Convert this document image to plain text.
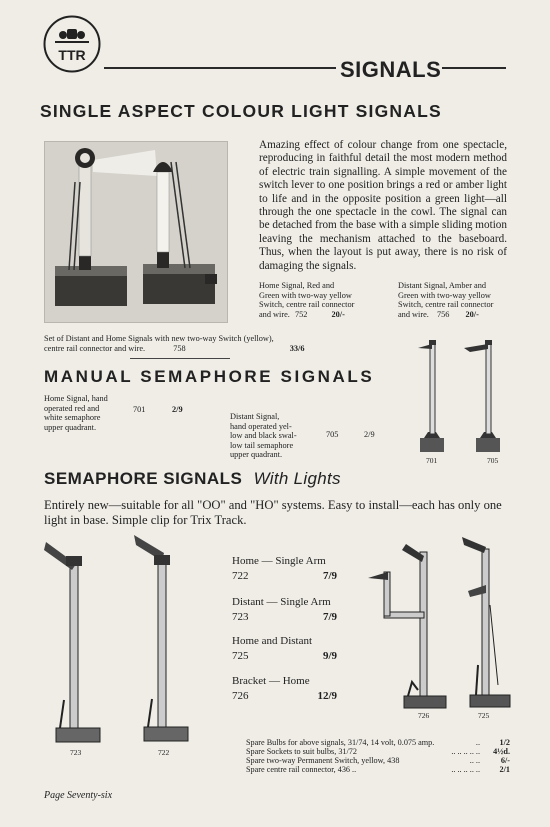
TTR
SIGNALS
SINGLE ASPECT COLOUR LIGHT SIGNALS
Amazing effect of colour change from one spectacle, reproducing in faithful detail the most modern method of electric train signalling. A simple movement of the switch lever to one position brings a red or amber light to life and in the opposite position a green light—all through the one spectacle in the cowl. The signal can be detached from the base with a simple sliding motion leaving the mechanism attached to the baseboard. Thus, when the layout is put away, there is no risk of damaging the signals.
Home Signal, Red and
Green with two-way yellow
Switch, centre rail connector
and wire. 752	20/-
Distant Signal, Amber and
Green with two-way yellow
Switch, centre rail connector
and wire. 756 20/-
Set of Distant and Home Signals with new two-way Switch (yellow),
centre rail connector and wire.	758	33/6
MANUAL SEMAPHORE SIGNALS
Home Signal, hand
operated red and
white semaphore
upper quadrant.
701	2/9
Distant Signal,
hand operated yel-
low and black swal-
low tail semaphore
upper quadrant.
705	2/9
701	705
SEMAPHORE SIGNALS With Lights
Entirely new—suitable for all "OO" and "HO" systems. Easy to install—each has only one light in base. Simple clip for Trix Track.
723	722
Home — Single Arm
722	7/9
Distant — Single Arm
723	7/9
Home and Distant
725	9/9
Bracket — Home
726	12/9
726	725
Spare Bulbs for above signals, 31/74, 14 volt, 0.075 amp.	..	1/2
Spare Sockets to suit bulbs, 31/72	.. .. .. .. ..	4½d.
Spare two-way Permanent Switch, yellow, 438	.. ..	6/-
Spare centre rail connector, 436 ..	.. .. .. .. ..	2/1
Page Seventy-six
